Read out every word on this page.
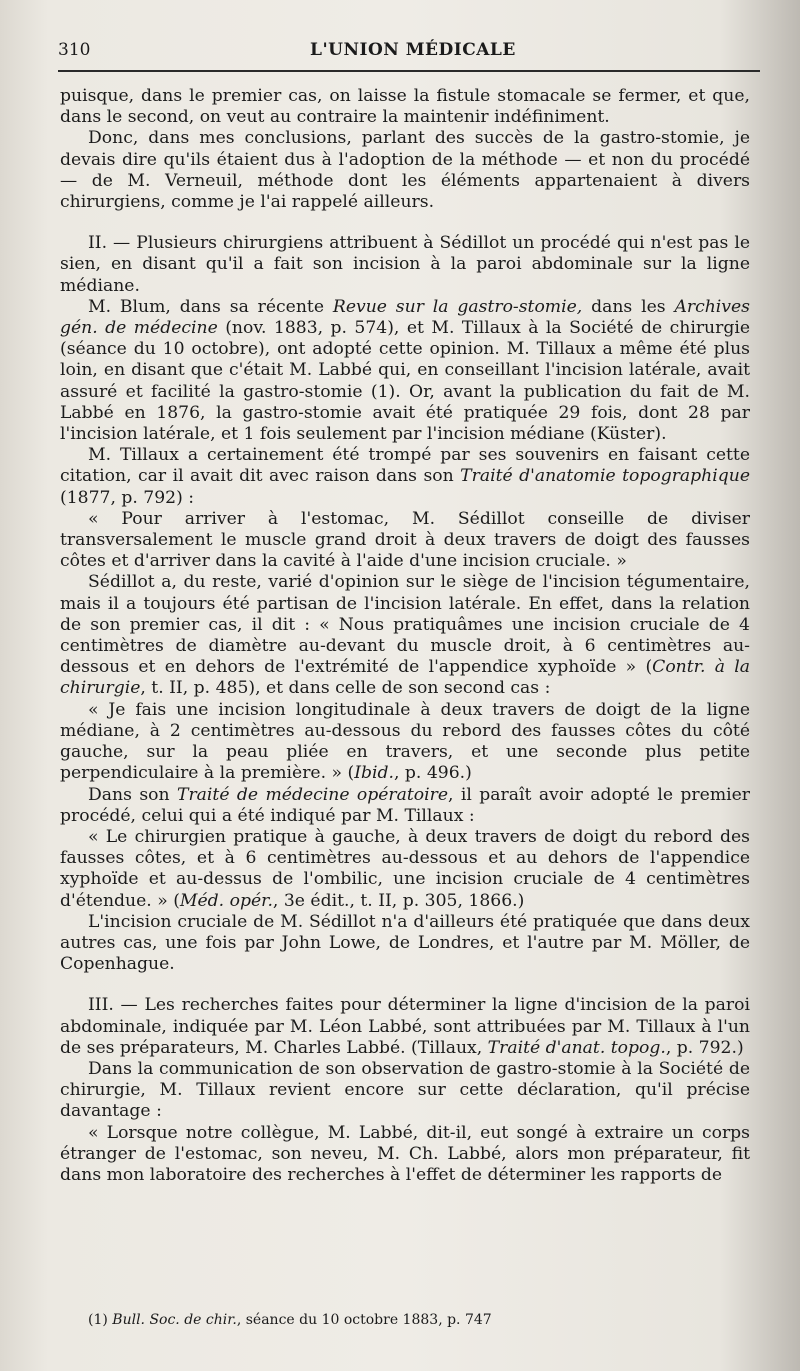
310	L'UNION MÉDICALE

puisque, dans le premier cas, on laisse la fistule stomacale se fermer, et que, dans le second, on veut au contraire la maintenir indéfiniment.

Donc, dans mes conclusions, parlant des succès de la gastro-stomie, je devais dire qu'ils étaient dus à l'adoption de la méthode — et non du procédé — de M. Verneuil, méthode dont les éléments appartenaient à divers chirurgiens, comme je l'ai rappelé ailleurs.

II. — Plusieurs chirurgiens attribuent à Sédillot un procédé qui n'est pas le sien, en disant qu'il a fait son incision à la paroi abdominale sur la ligne médiane.

M. Blum, dans sa récente Revue sur la gastro-stomie, dans les Archives gén. de médecine (nov. 1883, p. 574), et M. Tillaux à la Société de chirurgie (séance du 10 octobre), ont adopté cette opinion. M. Tillaux a même été plus loin, en disant que c'était M. Labbé qui, en conseillant l'incision latérale, avait assuré et facilité la gastro-stomie (1). Or, avant la publication du fait de M. Labbé en 1876, la gastro-stomie avait été pratiquée 29 fois, dont 28 par l'incision latérale, et 1 fois seulement par l'incision médiane (Küster).

M. Tillaux a certainement été trompé par ses souvenirs en faisant cette citation, car il avait dit avec raison dans son Traité d'anatomie topographique (1877, p. 792) :

« Pour arriver à l'estomac, M. Sédillot conseille de diviser transversalement le muscle grand droit à deux travers de doigt des fausses côtes et d'arriver dans la cavité à l'aide d'une incision cruciale. »

Sédillot a, du reste, varié d'opinion sur le siège de l'incision tégumentaire, mais il a toujours été partisan de l'incision latérale. En effet, dans la relation de son premier cas, il dit : « Nous pratiquâmes une incision cruciale de 4 centimètres de diamètre au-devant du muscle droit, à 6 centimètres au-dessous et en dehors de l'extrémité de l'appendice xyphoïde » (Contr. à la chirurgie, t. II, p. 485), et dans celle de son second cas :

« Je fais une incision longitudinale à deux travers de doigt de la ligne médiane, à 2 centimètres au-dessous du rebord des fausses côtes du côté gauche, sur la peau pliée en travers, et une seconde plus petite perpendiculaire à la première. » (Ibid., p. 496.)

Dans son Traité de médecine opératoire, il paraît avoir adopté le premier procédé, celui qui a été indiqué par M. Tillaux :

« Le chirurgien pratique à gauche, à deux travers de doigt du rebord des fausses côtes, et à 6 centimètres au-dessous et au dehors de l'appendice xyphoïde et au-dessus de l'ombilic, une incision cruciale de 4 centimètres d'étendue. » (Méd. opér., 3e édit., t. II, p. 305, 1866.)

L'incision cruciale de M. Sédillot n'a d'ailleurs été pratiquée que dans deux autres cas, une fois par John Lowe, de Londres, et l'autre par M. Möller, de Copenhague.

III. — Les recherches faites pour déterminer la ligne d'incision de la paroi abdominale, indiquée par M. Léon Labbé, sont attribuées par M. Tillaux à l'un de ses préparateurs, M. Charles Labbé. (Tillaux, Traité d'anat. topog., p. 792.)

Dans la communication de son observation de gastro-stomie à la Société de chirurgie, M. Tillaux revient encore sur cette déclaration, qu'il précise davantage :

« Lorsque notre collègue, M. Labbé, dit-il, eut songé à extraire un corps étranger de l'estomac, son neveu, M. Ch. Labbé, alors mon préparateur, fit dans mon laboratoire des recherches à l'effet de déterminer les rapports de

(1) Bull. Soc. de chir., séance du 10 octobre 1883, p. 747
